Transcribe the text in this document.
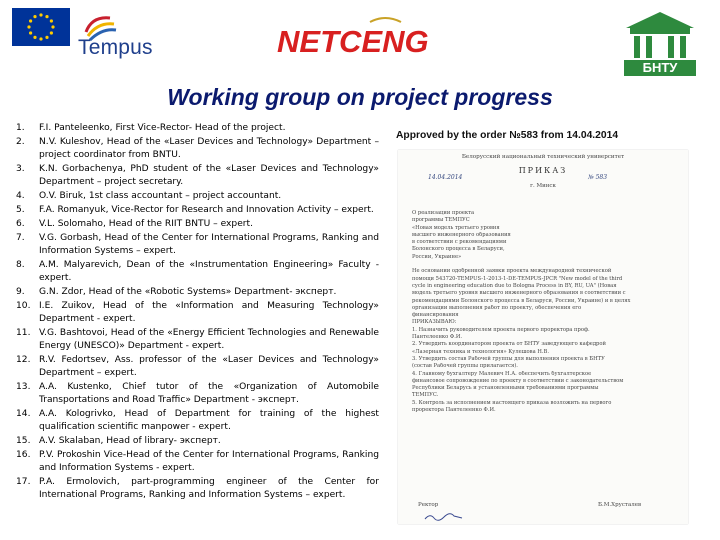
Tempus	NETCENG
БНТУ
Working group on project progress
1.	F.I. Panteleenko, First Vice-Rector- Head of the project.
2.	N.V. Kuleshov, Head of the «Laser Devices and Technology» Department – project coordinator from BNTU.
3.	K.N. Gorbachenya, PhD student of the «Laser Devices and Technology» Department – project secretary.
4.	O.V. Biruk, 1st class accountant – project accountant.
5.	F.A. Romanyuk, Vice-Rector for Research and Innovation Activity – expert.
6.	V.L. Solomaho, Head of the RIIT BNTU – expert.
7.	V.G. Gorbash, Head of the Center for International Programs, Ranking and Information Systems – expert.
8.	A.M. Malyarevich, Dean of the «Instrumentation Engineering» Faculty - expert.
9.	G.N. Zdor, Head of the «Robotic Systems» Department- эксперт.
10. I.E. Zuikov, Head of the «Information and Measuring Technology» Department - expert.
11. V.G. Bashtovoi, Head of the «Energy Efficient Technologies and Renewable Energy (UNESCO)» Department - expert.
12. R.V. Fedortsev, Ass. professor of the «Laser Devices and Technology» Department – expert.
13. A.A. Kustenko, Chief tutor of the «Organization of Automobile Transportations and Road Traffic» Department - эксперт.
14. A.A. Kologrivko, Head of Department for training of the highest qualification scientific manpower - expert.
15. A.V. Skalaban, Head of library- эксперт.
16. P.V. Prokoshin Vice-Head of the Center for International Programs, Ranking and Information Systems - expert.
17. P.A. Ermolovich, part-programming engineer of the Center for International Programs, Ranking and Information Systems – expert.
Approved by the order №583 from 14.04.2014
Белорусский национальный технический университет
ПРИКАЗ
14.04.2014	№ 583
г. Минск
О реализации проекта
программы ТЕМПУС
«Новая модель третьего уровня
высшего инженерного образования
в соответствии с рекомендациями
Болонского процесса в Беларуси,
России, Украине»
Не основании одобренной заявки проекта международной технической
помощи 543720-TEMPUS-1-2013-1-DE-TEMPUS-JPCR "New model of the third
cycle in engineering education due to Bologna Process in BY, RU, UA" (Новая
модель третьего уровня высшего инженерного образования в соответствии с
рекомендациями Болонского процесса в Беларуси, России, Украине) и в целях
организации выполнения работ по проекту, обеспечения его
финансирования
ПРИКАЗЫВАЮ:
1. Назначить руководителем проекта первого проректора проф.
Пантелеенко Ф.И.
2. Утвердить координатором проекта от БНТУ заведующего кафедрой
«Лазерная техника и технология» Кулешова Н.В.
3. Утвердить состав Рабочей группы для выполнения проекта в БНТУ
(состав Рабочей группы прилагается).
4. Главному бухгалтеру Малевич Н.А. обеспечить бухгалтерское
финансовое сопровождение по проекту в соответствии с законодательством
Республики Беларусь и установленными требованиями программы
ТЕМПУС.
5. Контроль за исполнением настоящего приказа возложить на первого
проректора Пантелеенко Ф.И.
Ректор	Б.М.Хрусталев
